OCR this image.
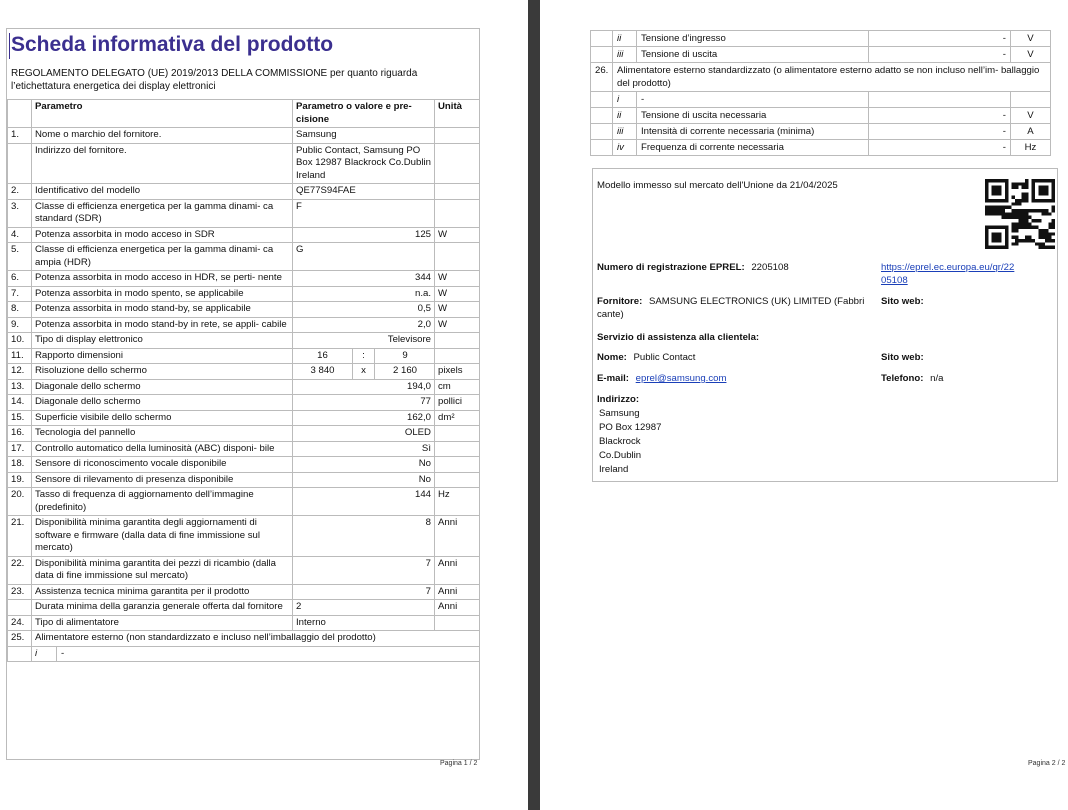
Scheda informativa del prodotto
REGOLAMENTO DELEGATO (UE) 2019/2013 DELLA COMMISSIONE per quanto riguarda l’etichettatura energetica dei display elettronici
	Parametro	Parametro o valore e pre- cisione	Unità
1.	Nome o marchio del fornitore.	Samsung	
	Indirizzo del fornitore.	Public Contact, Samsung PO Box 12987 Blackrock Co.Dublin Ireland	
2.	Identificativo del modello	QE77S94FAE	
3.	Classe di efficienza energetica per la gamma dinami- ca standard (SDR)	F	
4.	Potenza assorbita in modo acceso in SDR	125	W
5.	Classe di efficienza energetica per la gamma dinami- ca ampia (HDR)	G	
6.	Potenza assorbita in modo acceso in HDR, se perti- nente	344	W
7.	Potenza assorbita in modo spento, se applicabile	n.a.	W
8.	Potenza assorbita in modo stand-by, se applicabile	0,5	W
9.	Potenza assorbita in modo stand-by in rete, se appli- cabile	2,0	W
10.	Tipo di display elettronico	Televisore	
11.	Rapporto dimensioni	16 : 9	

12.	Risoluzione dello schermo	3 840 x 2 160	pixels
13.	Diagonale dello schermo	194,0	cm
14.	Diagonale dello schermo	77	pollici
15.	Superficie visibile dello schermo	162,0	dm²
16.	Tecnologia del pannello	OLED	
17.	Controllo automatico della luminosità (ABC) disponi- bile	Sì	
18.	Sensore di riconoscimento vocale disponibile	No	
19.	Sensore di rilevamento di presenza disponibile	No	
20.	Tasso di frequenza di aggiornamento dell’immagine (predefinito)	144	Hz
21.	Disponibilità minima garantita degli aggiornamenti di software e firmware (dalla data di fine immissione sul mercato)	8	Anni
22.	Disponibilità minima garantita dei pezzi di ricambio (dalla data di fine immissione sul mercato)	7	Anni
23.	Assistenza tecnica minima garantita per il prodotto	7	Anni
	Durata minima della garanzia generale offerta dal fornitore	2	Anni
24.	Tipo di alimentatore	Interno	
25.	Alimentatore esterno (non standardizzato e incluso nell’imballaggio del prodotto)		

	i -		
Pagina 1 / 2
	ii	Tensione d’ingresso	-	V
	iii	Tensione di uscita	-	V
26.	Alimentatore esterno standardizzato (o alimentatore esterno adatto se non incluso nell’im- ballaggio del prodotto)			
	i	-		
	ii	Tensione di uscita necessaria	-	V
	iii	Intensità di corrente necessaria (minima)	-	A
	iv	Frequenza di corrente necessaria	-	Hz
Modello immesso sul mercato dell'Unione da 21/04/2025
Numero di registrazione EPREL: 2205108	https://eprel.ec.europa.eu/qr/22
05108
Fornitore: SAMSUNG ELECTRONICS (UK) LIMITED (Fabbri cante)
Sito web:
Servizio di assistenza alla clientela:
Nome: Public Contact	Sito web:
E-mail: eprel@samsung.com	Telefono: n/a
Indirizzo:
Samsung
PO Box 12987
Blackrock
Co.Dublin
Ireland
Pagina 2 / 2
